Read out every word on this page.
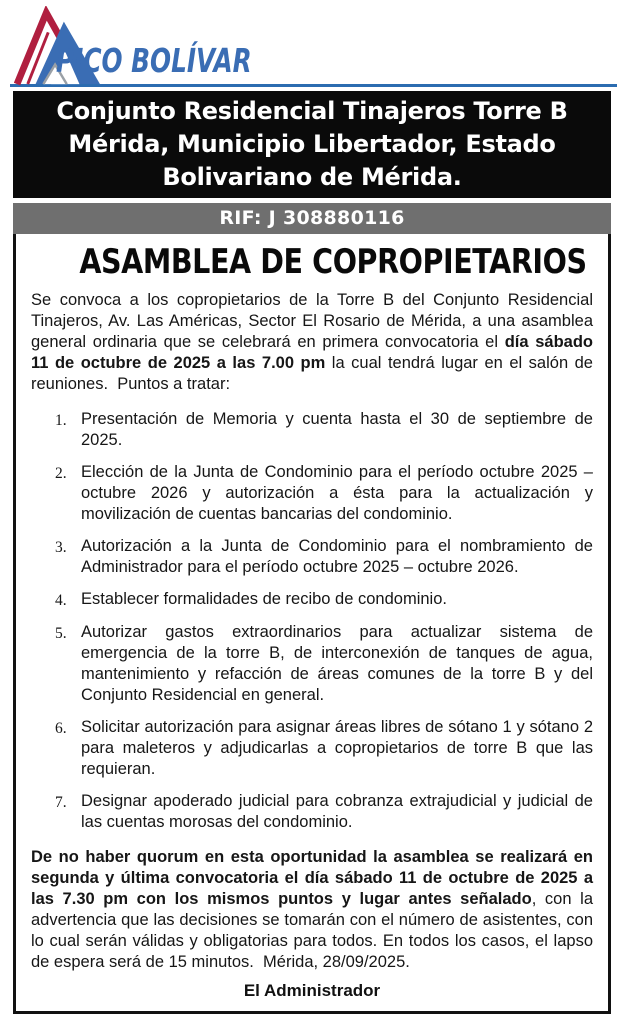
PICO BOLÍVAR
Conjunto Residencial Tinajeros Torre B Mérida, Municipio Libertador, Estado Bolivariano de Mérida.
RIF: J 308880116
ASAMBLEA DE COPROPIETARIOS

Se convoca a los copropietarios de la Torre B del Conjunto Residencial Tinajeros, Av. Las Américas, Sector El Rosario de Mérida, a una asamblea general ordinaria que se celebrará en primera convocatoria el día sábado 11 de octubre de 2025 a las 7.00 pm la cual tendrá lugar en el salón de reuniones.  Puntos a tratar:

1. Presentación de Memoria y cuenta hasta el 30 de septiembre de 2025.
2. Elección de la Junta de Condominio para el período octubre 2025 – octubre 2026 y autorización a ésta para la actualización y movilización de cuentas bancarias del condominio.
3. Autorización a la Junta de Condominio para el nombramiento de Administrador para el período octubre 2025 – octubre 2026.
4. Establecer formalidades de recibo de condominio.
5. Autorizar gastos extraordinarios para actualizar sistema de emergencia de la torre B, de interconexión de tanques de agua, mantenimiento y refacción de áreas comunes de la torre B y del Conjunto Residencial en general.
6. Solicitar autorización para asignar áreas libres de sótano 1 y sótano 2 para maleteros y adjudicarlas a copropietarios de torre B que las requieran.
7. Designar apoderado judicial para cobranza extrajudicial y judicial de las cuentas morosas del condominio.

De no haber quorum en esta oportunidad la asamblea se realizará en segunda y última convocatoria el día sábado 11 de octubre de 2025 a las 7.30 pm con los mismos puntos y lugar antes señalado, con la advertencia que las decisiones se tomarán con el número de asistentes, con lo cual serán válidas y obligatorias para todos. En todos los casos, el lapso de espera será de 15 minutos.  Mérida, 28/09/2025.

El Administrador
